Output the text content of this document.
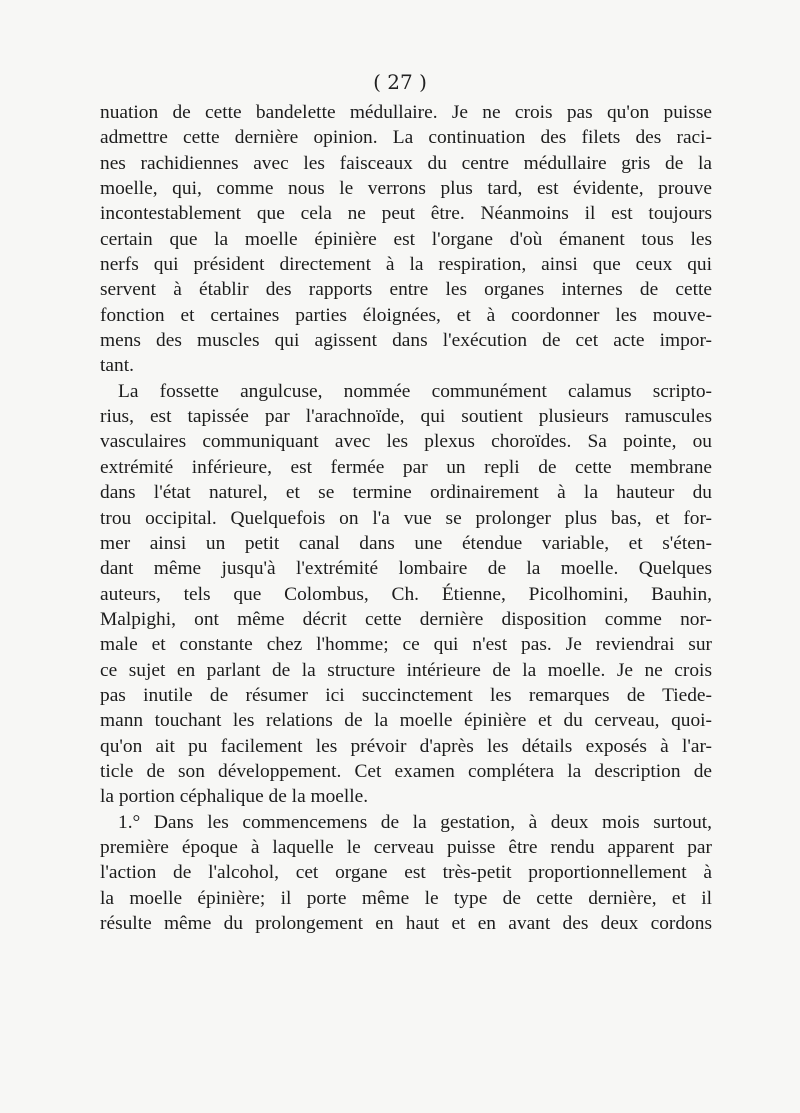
( 27 )
nuation de cette bandelette médullaire. Je ne crois pas qu'on puisse
admettre cette dernière opinion. La continuation des filets des raci-
nes rachidiennes avec les faisceaux du centre médullaire gris de la
moelle, qui, comme nous le verrons plus tard, est évidente, prouve
incontestablement que cela ne peut être. Néanmoins il est toujours
certain que la moelle épinière est l'organe d'où émanent tous les
nerfs qui président directement à la respiration, ainsi que ceux qui
servent à établir des rapports entre les organes internes de cette
fonction et certaines parties éloignées, et à coordonner les mouve-
mens des muscles qui agissent dans l'exécution de cet acte impor-
tant.
La fossette angulcuse, nommée communément calamus scripto-
rius, est tapissée par l'arachnoïde, qui soutient plusieurs ramuscules
vasculaires communiquant avec les plexus choroïdes. Sa pointe, ou
extrémité inférieure, est fermée par un repli de cette membrane
dans l'état naturel, et se termine ordinairement à la hauteur du
trou occipital. Quelquefois on l'a vue se prolonger plus bas, et for-
mer ainsi un petit canal dans une étendue variable, et s'éten-
dant même jusqu'à l'extrémité lombaire de la moelle. Quelques
auteurs, tels que Colombus, Ch. Étienne, Picolhomini, Bauhin,
Malpighi, ont même décrit cette dernière disposition comme nor-
male et constante chez l'homme; ce qui n'est pas. Je reviendrai sur
ce sujet en parlant de la structure intérieure de la moelle. Je ne crois
pas inutile de résumer ici succinctement les remarques de Tiede-
mann touchant les relations de la moelle épinière et du cerveau, quoi-
qu'on ait pu facilement les prévoir d'après les détails exposés à l'ar-
ticle de son développement. Cet examen complétera la description de
la portion céphalique de la moelle.
1.° Dans les commencemens de la gestation, à deux mois surtout,
première époque à laquelle le cerveau puisse être rendu apparent par
l'action de l'alcohol, cet organe est très-petit proportionnellement à
la moelle épinière; il porte même le type de cette dernière, et il
résulte même du prolongement en haut et en avant des deux cordons
